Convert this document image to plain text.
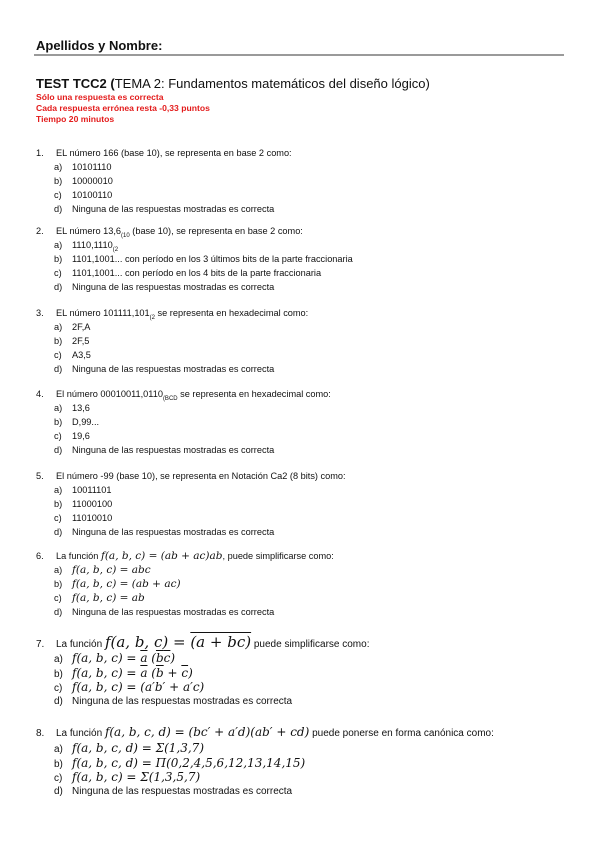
Apellidos y Nombre:
TEST TCC2 (TEMA 2: Fundamentos matemáticos del diseño lógico)
Sólo una respuesta es correcta
Cada respuesta errónea resta -0,33 puntos
Tiempo 20 minutos
1. EL número 166 (base 10), se representa en base 2 como:
a) 10101110
b) 10000010
c) 10100110
d) Ninguna de las respuestas mostradas es correcta
2. EL número $13,6_{(10}$ (base 10), se representa en base 2 como:
a) $1110,1110_{(2}$
b) 1101,1001... con período en los 3 últimos bits de la parte fraccionaria
c) 1101,1001... con período en los 4 bits de la parte fraccionaria
d) Ninguna de las respuestas mostradas es correcta
3. EL número $101111,101_{(2}$ se representa en hexadecimal como:
a) 2F,A
b) 2F,5
c) A3,5
d) Ninguna de las respuestas mostradas es correcta
4. El número $00010011,0110_{(BCD}$ se representa en hexadecimal como:
a) 13,6
b) D,99...
c) 19,6
d) Ninguna de las respuestas mostradas es correcta
5. El número -99 (base 10), se representa en Notación Ca2 (8 bits) como:
a) 10011101
b) 11000100
c) 11010010
d) Ninguna de las respuestas mostradas es correcta
6. La función f(a, b, c) = (ab + ac)ab, puede simplificarse como:
a) f(a, b, c) = abc
b) f(a, b, c) = (ab + ac)
c) f(a, b, c) = ab
d) Ninguna de las respuestas mostradas es correcta
7. La función f(a, b, c) = (a + bc) puede simplificarse como:
a) f(a, b, $c) = \overline{a}$ $(\overline{b}\overline{c})$
b) f(a, b, $c) = \overline{a}$ $(\overline{b} + \overline{c})$
c) f(a, b, c) = (a′b′ + a′c)
d) Ninguna de las respuestas mostradas es correcta
8. La función f(a, b, c, d) = (bc′ + a′d)(ab′ + cd) puede ponerse en forma canónica como:
a) f(a, b, c, d) = Σ(1,3,7)
b) f(a, b, c, d) = Π(0,2,4,5,6,12,13,14,15)
c) f(a, b, c) = Σ(1,3,5,7)
d) Ninguna de las respuestas mostradas es correcta
